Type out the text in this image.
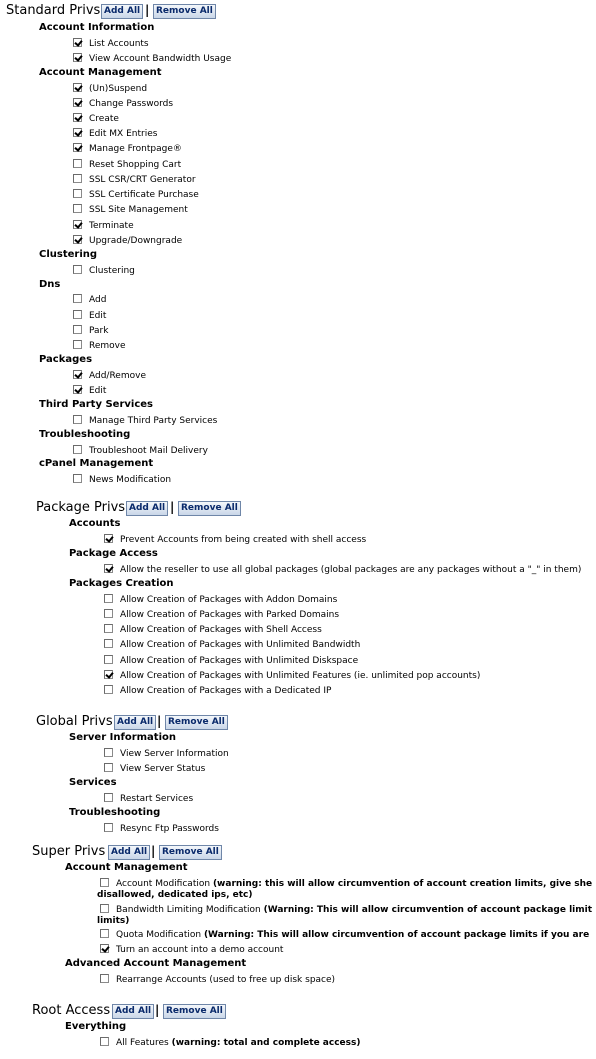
Standard Privs Add All | Remove All
Account Information
List Accounts
View Account Bandwidth Usage
Account Management
(Un)Suspend
Change Passwords
Create
Edit MX Entries
Manage Frontpage®
Reset Shopping Cart
SSL CSR/CRT Generator
SSL Certificate Purchase
SSL Site Management
Terminate
Upgrade/Downgrade
Clustering
Clustering
Dns
Add
Edit
Park
Remove
Packages
Add/Remove
Edit
Third Party Services
Manage Third Party Services
Troubleshooting
Troubleshoot Mail Delivery
cPanel Management
News Modification
Package Privs Add All | Remove All
Accounts
Prevent Accounts from being created with shell access
Package Access
Allow the reseller to use all global packages (global packages are any packages without a "_" in them)
Packages Creation
Allow Creation of Packages with Addon Domains
Allow Creation of Packages with Parked Domains
Allow Creation of Packages with Shell Access
Allow Creation of Packages with Unlimited Bandwidth
Allow Creation of Packages with Unlimited Diskspace
Allow Creation of Packages with Unlimited Features (ie. unlimited pop accounts)
Allow Creation of Packages with a Dedicated IP
Global Privs Add All | Remove All
Server Information
View Server Information
View Server Status
Services
Restart Services
Troubleshooting
Resync Ftp Passwords
Super Privs Add All | Remove All
Account Management
Account Modification (warning: this will allow circumvention of account creation limits, give she
disallowed, dedicated ips, etc)
Bandwidth Limiting Modification (Warning: This will allow circumvention of account package limit
limits)
Quota Modification (Warning: This will allow circumvention of account package limits if you are
Turn an account into a demo account
Advanced Account Management
Rearrange Accounts (used to free up disk space)
Root Access Add All | Remove All
Everything
All Features (warning: total and complete access)
